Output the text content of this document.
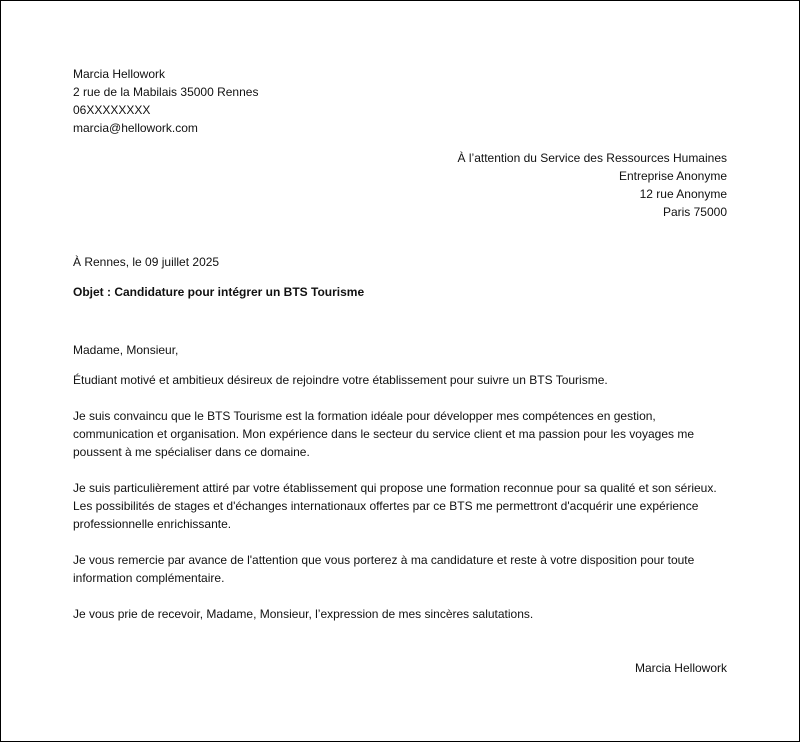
Marcia Hellowork
2 rue de la Mabilais 35000 Rennes
06XXXXXXXX
marcia@hellowork.com
À l’attention du Service des Ressources Humaines
Entreprise Anonyme
12 rue Anonyme
Paris 75000
À Rennes, le 09 juillet 2025
Objet : Candidature pour intégrer un BTS Tourisme
Madame, Monsieur,
Étudiant motivé et ambitieux désireux de rejoindre votre établissement pour suivre un BTS Tourisme.
Je suis convaincu que le BTS Tourisme est la formation idéale pour développer mes compétences en gestion, communication et organisation. Mon expérience dans le secteur du service client et ma passion pour les voyages me poussent à me spécialiser dans ce domaine.
Je suis particulièrement attiré par votre établissement qui propose une formation reconnue pour sa qualité et son sérieux. Les possibilités de stages et d'échanges internationaux offertes par ce BTS me permettront d'acquérir une expérience professionnelle enrichissante.
Je vous remercie par avance de l'attention que vous porterez à ma candidature et reste à votre disposition pour toute information complémentaire.
Je vous prie de recevoir, Madame, Monsieur, l’expression de mes sincères salutations.
Marcia Hellowork
